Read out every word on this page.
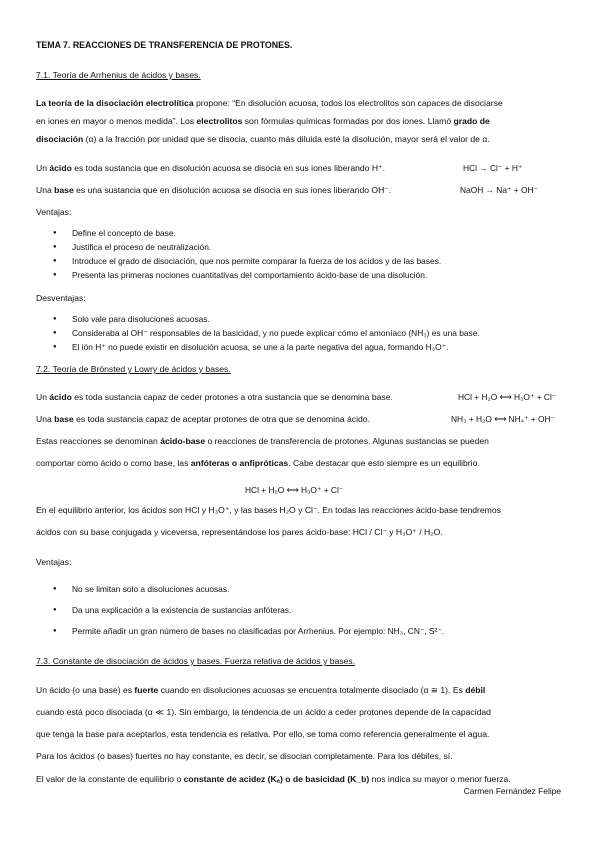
TEMA 7. REACCIONES DE TRANSFERENCIA DE PROTONES.
7.1. Teoría de Arrhenius de ácidos y bases.
La teoría de la disociación electrolítica propone: “En disolución acuosa, todos los electrolitos son capaces de disociarse
en iones en mayor o menos medida”. Los electrolitos son fórmulas químicas formadas por dos iones. Llamó grado de
disociación (α) a la fracción por unidad que se disocia, cuanto más diluida esté la disolución, mayor será el valor de α.
Un ácido es toda sustancia que en disolución acuosa se disocia en sus iones liberando H⁺.	HCl → Cl⁻ + H⁺
Una base es una sustancia que en disolución acuosa se disocia en sus iones liberando OH⁻.	NaOH → Na⁺ + OH⁻
Ventajas:
● Define el concepto de base.
● Justifica el proceso de neutralización.
● Introduce el grado de disociación, que nos permite comparar la fuerza de los ácidos y de las bases.
● Presenta las primeras nociones cuantitativas del comportamiento ácido-base de una disolución.
Desventajas:
● Solo vale para disoluciones acuosas.
● Consideraba al OH⁻ responsables de la basicidad, y no puede explicar cómo el amoníaco (NH₃) es una base.
● El ión H⁺ no puede existir en disolución acuosa, se une a la parte negativa del agua, formando H₃O⁺.
7.2. Teoría de Brönsted y Lowry de ácidos y bases.
Un ácido es toda sustancia capaz de ceder protones a otra sustancia que se denomina base.	HCl + H₂O ⟷ H₃O⁺ + Cl⁻
Una base es toda sustancia capaz de aceptar protones de otra que se denomina ácido.	NH₃ + H₂O ⟷ NH₄⁺ + OH⁻
Estas reacciones se denominan ácido-base o reacciones de transferencia de protones. Algunas sustancias se pueden
comportar como ácido o como base, las anfóteras o anfipróticas. Cabe destacar que esto siempre es un equilibrio.
HCl + H₂O ⟷ H₃O⁺ + Cl⁻
En el equilibrio anterior, los ácidos son HCl y H₃O⁺, y las bases H₂O y Cl⁻. En todas las reacciones ácido-base tendremos
ácidos con su base conjugada y viceversa, representándose los pares ácido-base: HCl / Cl⁻ y H₃O⁺ / H₂O.
Ventajas:
● No se limitan solo a disoluciones acuosas.
● Da una explicación a la existencia de sustancias anfóteras.
● Permite añadir un gran número de bases no clasificadas por Arrhenius. Por ejemplo: NH₃, CN⁻, S²⁻.
7.3. Constante de disociación de ácidos y bases. Fuerza relativa de ácidos y bases.
Un ácido (o una base) es fuerte cuando en disoluciones acuosas se encuentra totalmente disociado (α ≅ 1). Es débil
cuando está poco disociada (α ≪ 1). Sin embargo, la tendencia de un ácido a ceder protones depende de la capacidad
que tenga la base para aceptarlos, esta tendencia es relativa. Por ello, se toma como referencia generalmente el agua.
Para los ácidos (o bases) fuertes no hay constante, es decir, se disocian completamente. Para los débiles, sí.
El valor de la constante de equilibrio o constante de acidez (Kₐ) o de basicidad (K_b) nos indica su mayor o menor fuerza.
Carmen Fernández Felipe
